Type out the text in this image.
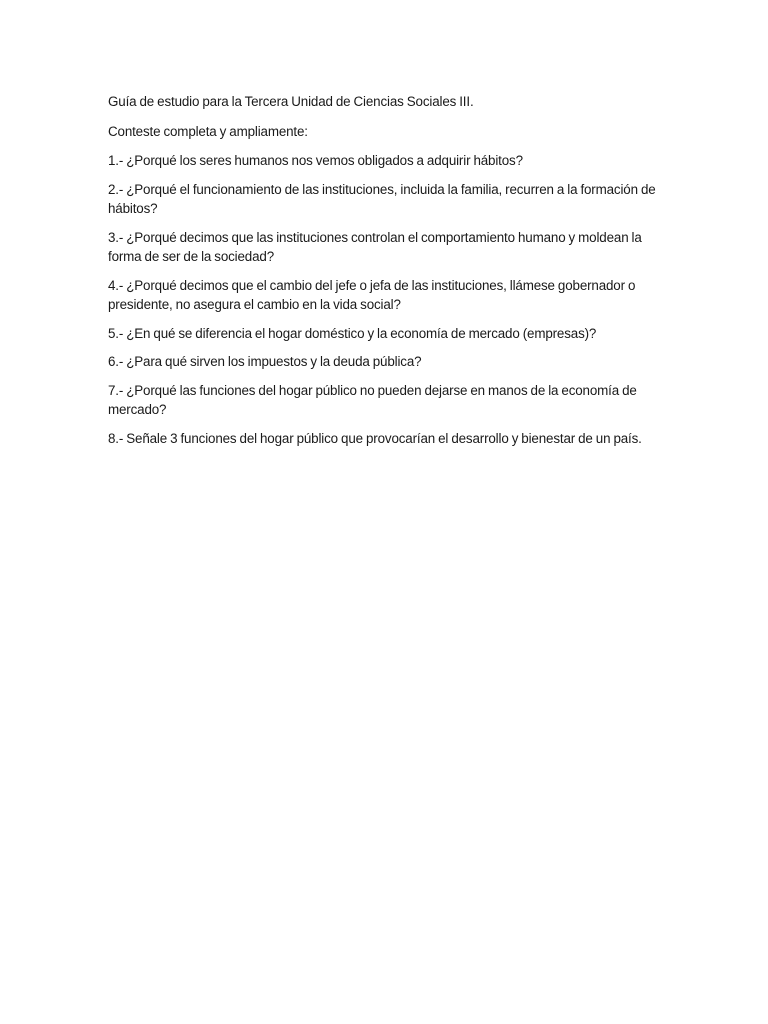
Guía de estudio para la Tercera Unidad de Ciencias Sociales III.

Conteste completa y ampliamente:

1.- ¿Porqué los seres humanos nos vemos obligados a adquirir hábitos?
2.- ¿Porqué el funcionamiento de las instituciones, incluida la familia, recurren a la formación de hábitos?
3.- ¿Porqué decimos que las instituciones controlan el comportamiento humano y moldean la forma de ser de la sociedad?
4.- ¿Porqué decimos que el cambio del jefe o jefa de las instituciones, llámese gobernador o presidente, no asegura el cambio en la vida social?
5.- ¿En qué se diferencia el hogar doméstico y la economía de mercado (empresas)?
6.- ¿Para qué sirven los impuestos y la deuda pública?
7.- ¿Porqué las funciones del hogar público no pueden dejarse en manos de la economía de mercado?
8.- Señale 3 funciones del hogar público que provocarían el desarrollo y bienestar de un país.
